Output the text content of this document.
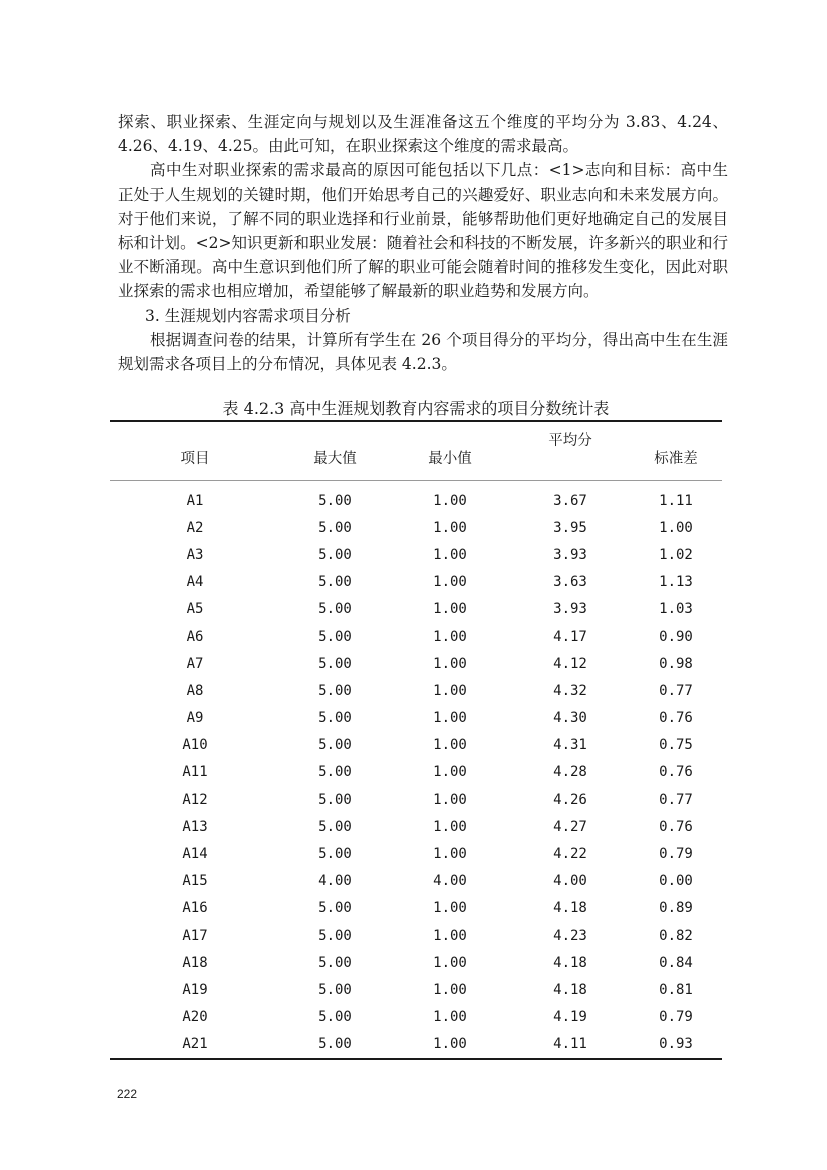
探索、职业探索、生涯定向与规划以及生涯准备这五个维度的平均分为 3.83、4.24、4.26、4.19、4.25。由此可知，在职业探索这个维度的需求最高。

高中生对职业探索的需求最高的原因可能包括以下几点：<1>志向和目标：高中生正处于人生规划的关键时期，他们开始思考自己的兴趣爱好、职业志向和未来发展方向。对于他们来说，了解不同的职业选择和行业前景，能够帮助他们更好地确定自己的发展目标和计划。<2>知识更新和职业发展：随着社会和科技的不断发展，许多新兴的职业和行业不断涌现。高中生意识到他们所了解的职业可能会随着时间的推移发生变化，因此对职业探索的需求也相应增加，希望能够了解最新的职业趋势和发展方向。

3. 生涯规划内容需求项目分析

根据调查问卷的结果，计算所有学生在 26 个项目得分的平均分，得出高中生在生涯规划需求各项目上的分布情况，具体见表 4.2.3。

表 4.2.3 高中生涯规划教育内容需求的项目分数统计表
项目	最大值	最小值	平均分	标准差
A1	5.00	1.00	3.67	1.11
A2	5.00	1.00	3.95	1.00
A3	5.00	1.00	3.93	1.02
A4	5.00	1.00	3.63	1.13
A5	5.00	1.00	3.93	1.03
A6	5.00	1.00	4.17	0.90
A7	5.00	1.00	4.12	0.98
A8	5.00	1.00	4.32	0.77
A9	5.00	1.00	4.30	0.76
A10	5.00	1.00	4.31	0.75
A11	5.00	1.00	4.28	0.76
A12	5.00	1.00	4.26	0.77
A13	5.00	1.00	4.27	0.76
A14	5.00	1.00	4.22	0.79
A15	4.00	4.00	4.00	0.00
A16	5.00	1.00	4.18	0.89
A17	5.00	1.00	4.23	0.82
A18	5.00	1.00	4.18	0.84
A19	5.00	1.00	4.18	0.81
A20	5.00	1.00	4.19	0.79
A21	5.00	1.00	4.11	0.93
222
